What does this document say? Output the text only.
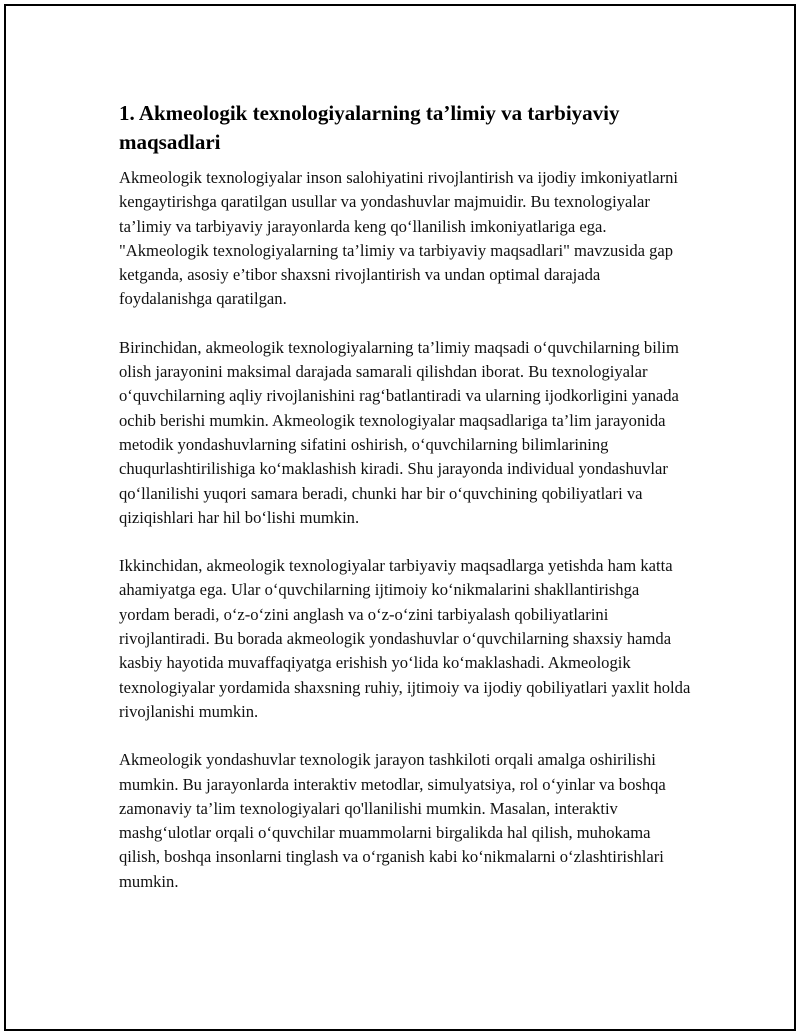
1. Akmeologik texnologiyalarning ta’limiy va tarbiyaviy maqsadlari

Akmeologik texnologiyalar inson salohiyatini rivojlantirish va ijodiy imkoniyatlarni kengaytirishga qaratilgan usullar va yondashuvlar majmuidir. Bu texnologiyalar ta’limiy va tarbiyaviy jarayonlarda keng qo‘llanilish imkoniyatlariga ega. "Akmeologik texnologiyalarning ta’limiy va tarbiyaviy maqsadlari" mavzusida gap ketganda, asosiy e’tibor shaxsni rivojlantirish va undan optimal darajada foydalanishga qaratilgan.

Birinchidan, akmeologik texnologiyalarning ta’limiy maqsadi o‘quvchilarning bilim olish jarayonini maksimal darajada samarali qilishdan iborat. Bu texnologiyalar o‘quvchilarning aqliy rivojlanishini rag‘batlantiradi va ularning ijodkorligini yanada ochib berishi mumkin. Akmeologik texnologiyalar maqsadlariga ta’lim jarayonida metodik yondashuvlarning sifatini oshirish, o‘quvchilarning bilimlarining chuqurlashtirilishiga ko‘maklashish kiradi. Shu jarayonda individual yondashuvlar qo‘llanilishi yuqori samara beradi, chunki har bir o‘quvchining qobiliyatlari va qiziqishlari har hil bo‘lishi mumkin.

Ikkinchidan, akmeologik texnologiyalar tarbiyaviy maqsadlarga yetishda ham katta ahamiyatga ega. Ular o‘quvchilarning ijtimoiy ko‘nikmalarini shakllantirishga yordam beradi, o‘z-o‘zini anglash va o‘z-o‘zini tarbiyalash qobiliyatlarini rivojlantiradi. Bu borada akmeologik yondashuvlar o‘quvchilarning shaxsiy hamda kasbiy hayotida muvaffaqiyatga erishish yo‘lida ko‘maklashadi. Akmeologik texnologiyalar yordamida shaxsning ruhiy, ijtimoiy va ijodiy qobiliyatlari yaxlit holda rivojlanishi mumkin.

Akmeologik yondashuvlar texnologik jarayon tashkiloti orqali amalga oshirilishi mumkin. Bu jarayonlarda interaktiv metodlar, simulyatsiya, rol o‘yinlar va boshqa zamonaviy ta’lim texnologiyalari qo'llanilishi mumkin. Masalan, interaktiv mashg‘ulotlar orqali o‘quvchilar muammolarni birgalikda hal qilish, muhokama qilish, boshqa insonlarni tinglash va o‘rganish kabi ko‘nikmalarni o‘zlashtirishlari mumkin.
